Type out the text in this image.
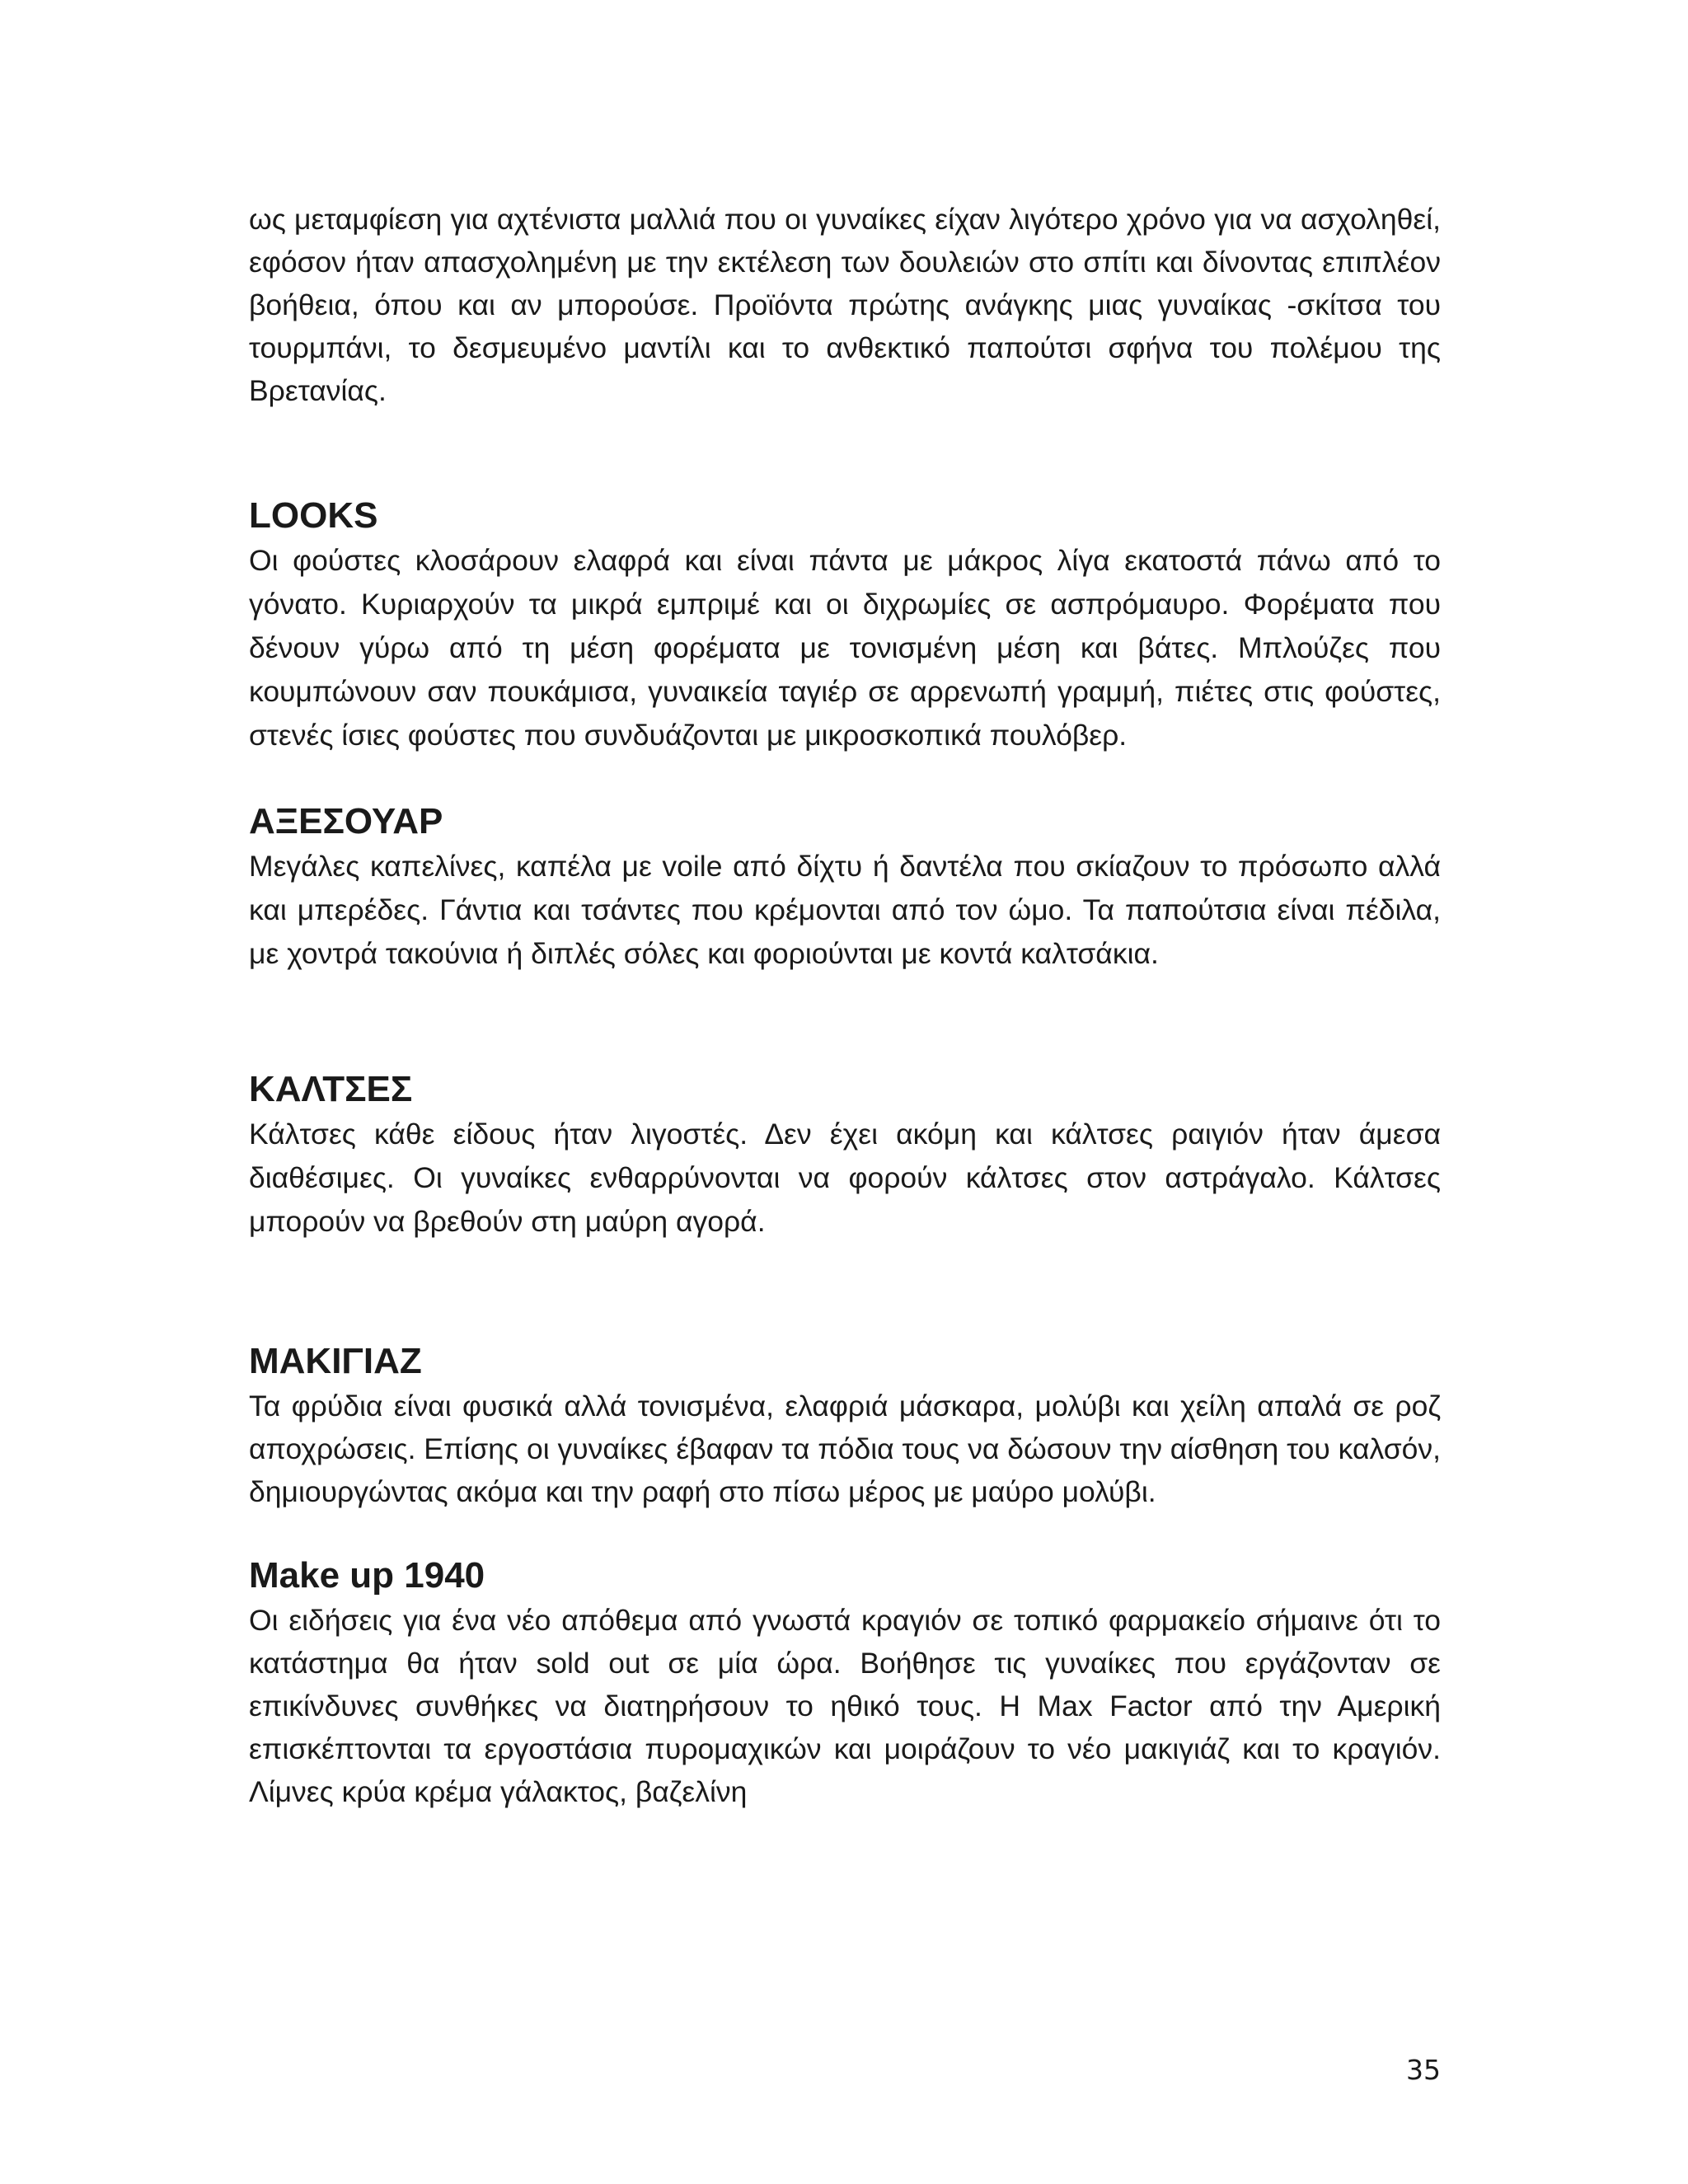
ως μεταμφίεση για αχτένιστα μαλλιά που οι γυναίκες είχαν λιγότερο χρόνο για να ασχοληθεί, εφόσον ήταν απασχολημένη με την εκτέλεση των δουλειών στο σπίτι και δίνοντας επιπλέον βοήθεια, όπου και αν μπορούσε. Προϊόντα πρώτης ανάγκης μιας γυναίκας -σκίτσα του τουρμπάνι, το δεσμευμένο μαντίλι και το ανθεκτικό παπούτσι σφήνα του πολέμου της Βρετανίας.

LOOKS

Οι φούστες κλοσάρουν ελαφρά και είναι πάντα με μάκρος λίγα εκατοστά πάνω από το γόνατο. Κυριαρχούν τα μικρά εμπριμέ και οι διχρωμίες σε ασπρόμαυρο. Φορέματα που δένουν γύρω από τη μέση φορέματα με τονισμένη μέση και βάτες. Μπλούζες που κουμπώνουν σαν πουκάμισα, γυναικεία ταγιέρ σε αρρενωπή γραμμή, πιέτες στις φούστες, στενές ίσιες φούστες που συνδυάζονται με μικροσκοπικά πουλόβερ.

ΑΞΕΣΟΥΑΡ

Μεγάλες καπελίνες, καπέλα με voile από δίχτυ ή δαντέλα που σκίαζουν το πρόσωπο αλλά και μπερέδες. Γάντια και τσάντες που κρέμονται από τον ώμο. Τα παπούτσια είναι πέδιλα, με χοντρά τακούνια ή διπλές σόλες και φοριούνται με κοντά καλτσάκια.

ΚΑΛΤΣΕΣ

Κάλτσες κάθε είδους ήταν λιγοστές. Δεν έχει ακόμη και κάλτσες ραιγιόν ήταν άμεσα διαθέσιμες. Οι γυναίκες ενθαρρύνονται να φορούν κάλτσες στον αστράγαλο. Κάλτσες μπορούν να βρεθούν στη μαύρη αγορά.

ΜΑΚΙΓΙΑΖ

Τα φρύδια είναι φυσικά αλλά τονισμένα, ελαφριά μάσκαρα, μολύβι και χείλη απαλά σε ροζ αποχρώσεις. Επίσης οι γυναίκες έβαφαν τα πόδια τους να δώσουν την αίσθηση του καλσόν, δημιουργώντας ακόμα και την ραφή στο πίσω μέρος με μαύρο μολύβι.

Make up 1940

Οι ειδήσεις για ένα νέο απόθεμα από γνωστά κραγιόν σε τοπικό φαρμακείο σήμαινε ότι το κατάστημα θα ήταν sold out σε μία ώρα. Βοήθησε τις γυναίκες που εργάζονταν σε επικίνδυνες συνθήκες να διατηρήσουν το ηθικό τους. Η Max Factor από την Αμερική επισκέπτονται τα εργοστάσια πυρομαχικών και μοιράζουν το νέο μακιγιάζ και το κραγιόν. Λίμνες κρύα κρέμα γάλακτος, βαζελίνη

35
